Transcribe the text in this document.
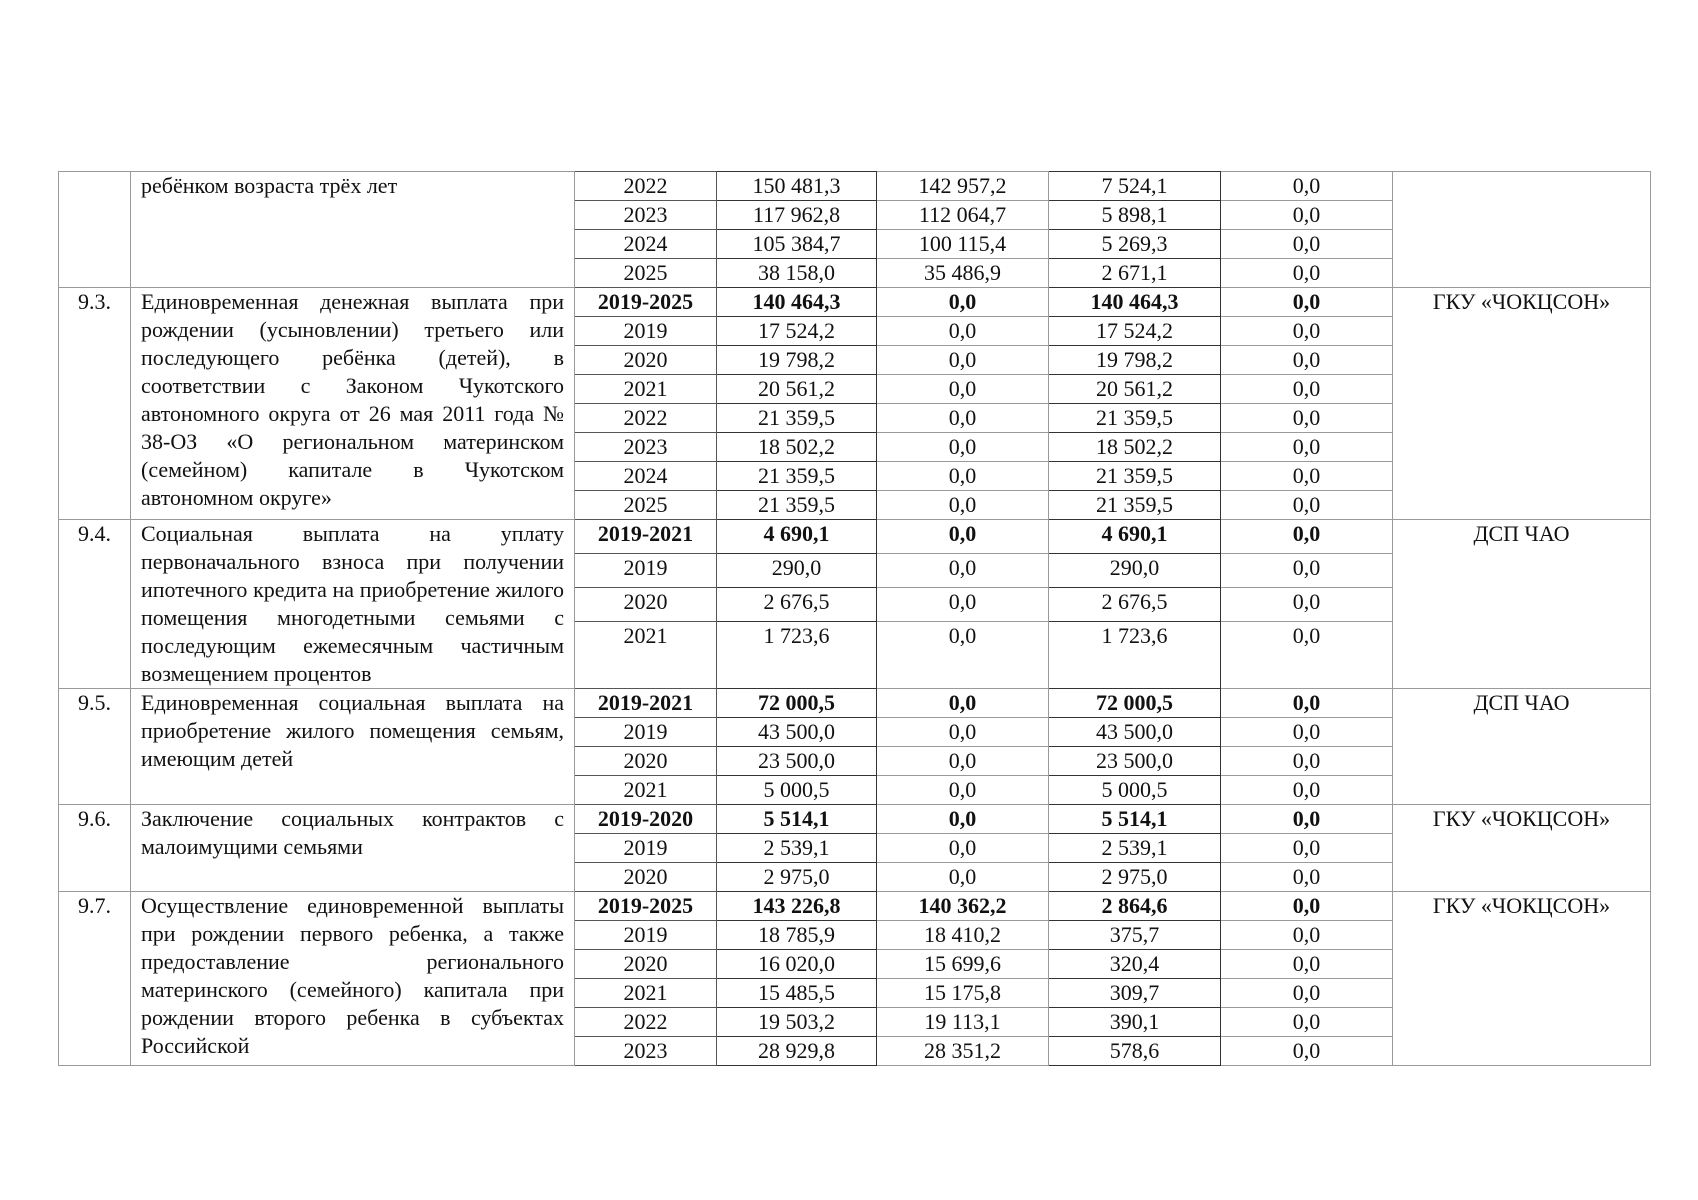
	ребёнком возраста трёх лет	2022	150 481,3	142 957,2	7 524,1	0,0	
		2023	117 962,8	112 064,7	5 898,1	0,0	
		2024	105 384,7	100 115,4	5 269,3	0,0	
		2025	38 158,0	35 486,9	2 671,1	0,0	
9.3.	Единовременная денежная выплата при рождении (усыновлении) третьего или последующего ребёнка (детей), в соответствии с Законом Чукотского автономного округа от 26 мая 2011 года № 38-ОЗ «О региональном материнском (семейном) капитале в Чукотском автономном округе»	2019-2025	140 464,3	0,0	140 464,3	0,0	ГКУ «ЧОКЦСОН»
		2019	17 524,2	0,0	17 524,2	0,0	
		2020	19 798,2	0,0	19 798,2	0,0	
		2021	20 561,2	0,0	20 561,2	0,0	
		2022	21 359,5	0,0	21 359,5	0,0	
		2023	18 502,2	0,0	18 502,2	0,0	
		2024	21 359,5	0,0	21 359,5	0,0	
		2025	21 359,5	0,0	21 359,5	0,0	
9.4.	Социальная выплата на уплату первоначального взноса при получении ипотечного кредита на приобретение жилого помещения многодетными семьями с последующим ежемесячным частичным возмещением процентов	2019-2021	4 690,1	0,0	4 690,1	0,0	ДСП ЧАО
		2019	290,0	0,0	290,0	0,0	
		2020	2 676,5	0,0	2 676,5	0,0	
		2021	1 723,6	0,0	1 723,6	0,0	
9.5.	Единовременная социальная выплата на приобретение жилого помещения семьям, имеющим детей	2019-2021	72 000,5	0,0	72 000,5	0,0	ДСП ЧАО
		2019	43 500,0	0,0	43 500,0	0,0	
		2020	23 500,0	0,0	23 500,0	0,0	
		2021	5 000,5	0,0	5 000,5	0,0	
9.6.	Заключение социальных контрактов с малоимущими семьями	2019-2020	5 514,1	0,0	5 514,1	0,0	ГКУ «ЧОКЦСОН»
		2019	2 539,1	0,0	2 539,1	0,0	
		2020	2 975,0	0,0	2 975,0	0,0	
9.7.	Осуществление единовременной выплаты при рождении первого ребенка, а также предоставление регионального материнского (семейного) капитала при рождении второго ребенка в субъектах Российской	2019-2025	143 226,8	140 362,2	2 864,6	0,0	ГКУ «ЧОКЦСОН»
		2019	18 785,9	18 410,2	375,7	0,0	
		2020	16 020,0	15 699,6	320,4	0,0	
		2021	15 485,5	15 175,8	309,7	0,0	
		2022	19 503,2	19 113,1	390,1	0,0	
		2023	28 929,8	28 351,2	578,6	0,0	
